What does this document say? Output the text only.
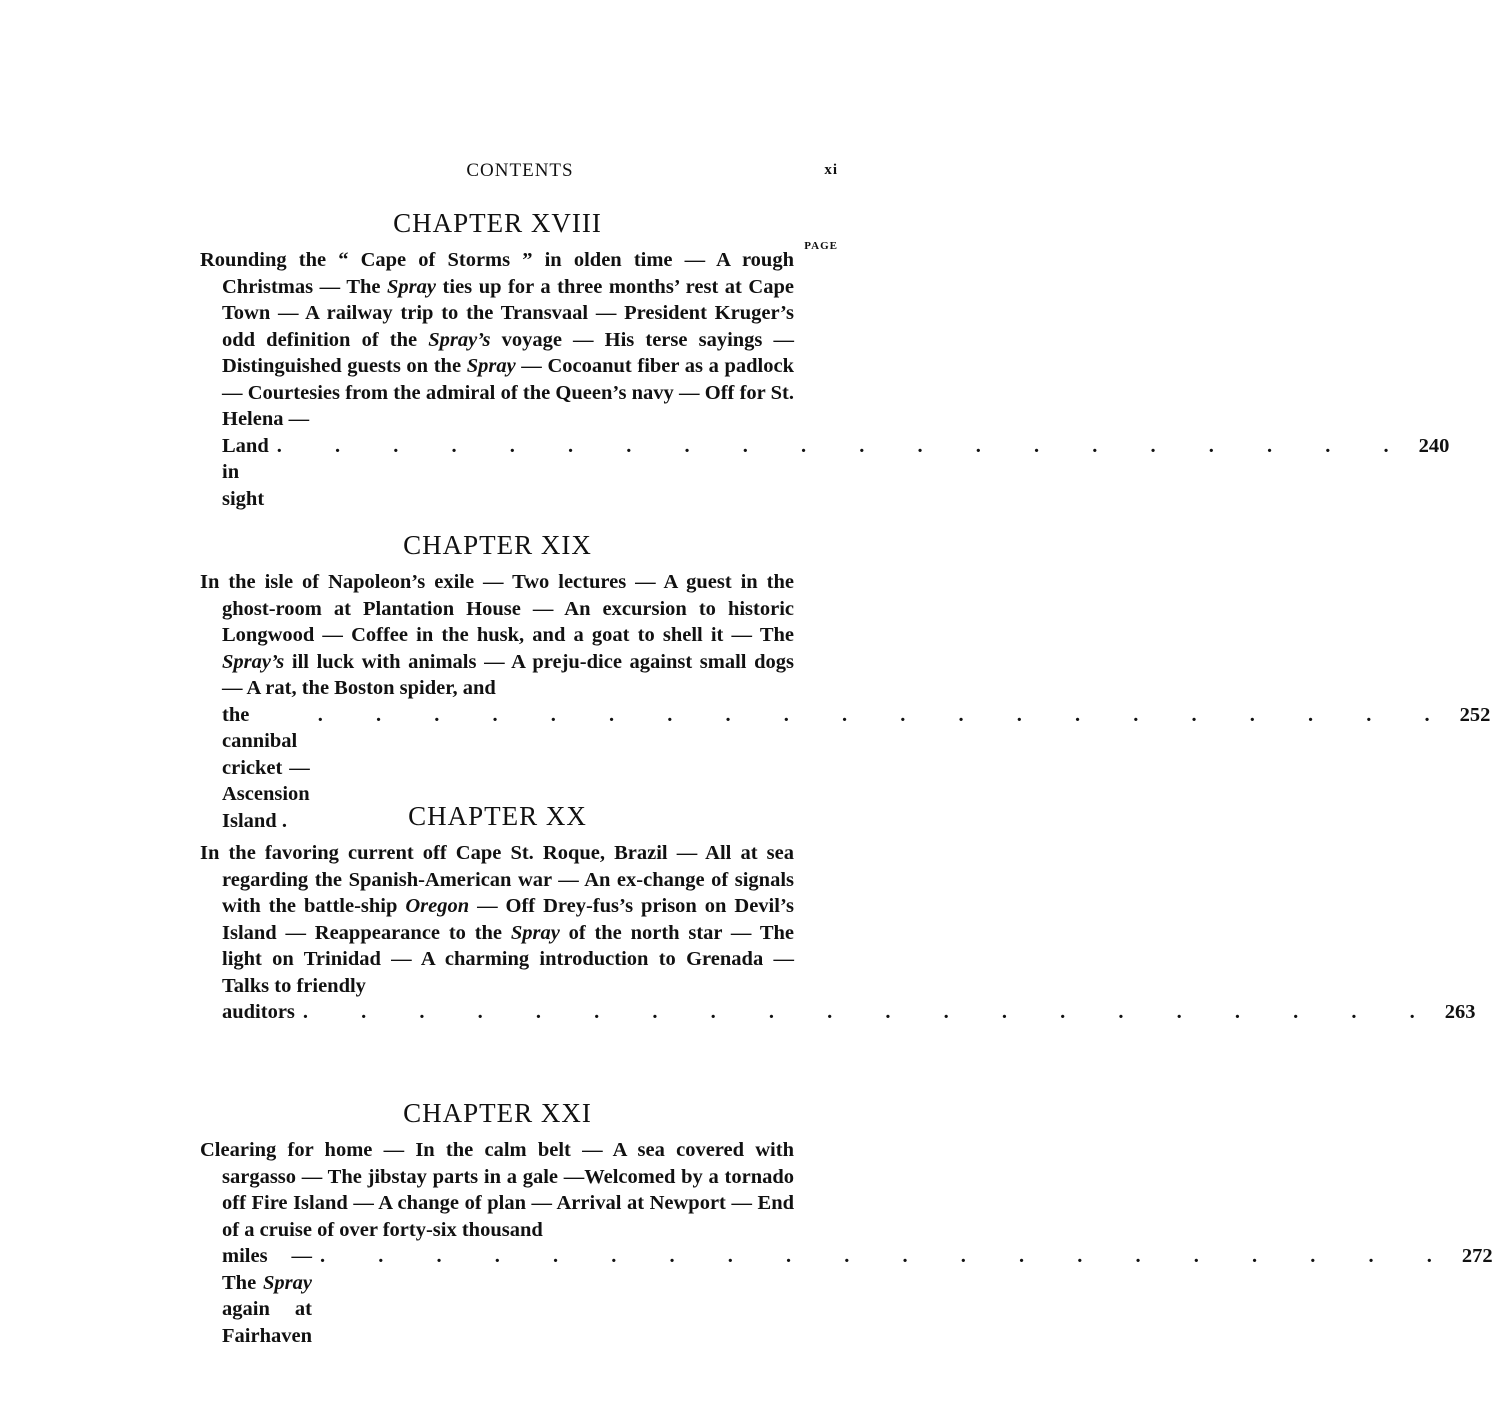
CONTENTS	xi
CHAPTER XVIII
PAGE
Rounding the “ Cape of Storms ” in olden time — A rough Christmas — The Spray ties up for a three months’ rest at Cape Town — A railway trip to the Transvaal — President Kruger’s odd definition of the Spray’s voyage — His terse sayings — Distinguished guests on the Spray — Cocoanut fiber as a padlock — Courtesies from the admiral of the Queen’s navy — Off for St. Helena —
Land in sight
. . . . . . . . . . . . . . . . . . . . 240
CHAPTER XIX
In the isle of Napoleon’s exile — Two lectures — A guest in the ghost-room at Plantation House — An excursion to historic Longwood — Coffee in the husk, and a goat to shell it — The Spray’s ill luck with animals — A preju-dice against small dogs — A rat, the Boston spider, and
the cannibal cricket — Ascension Island .
. . . . . . . . . . . . . . . . . . . . 252
CHAPTER XX
In the favoring current off Cape St. Roque, Brazil — All at sea regarding the Spanish-American war — An ex-change of signals with the battle-ship Oregon — Off Drey-fus’s prison on Devil’s Island — Reappearance to the Spray of the north star — The light on Trinidad — A charming introduction to Grenada — Talks to friendly
auditors . . . . . . . . . . . . . . . . . . . . 263
CHAPTER XXI
Clearing for home — In the calm belt — A sea covered with sargasso — The jibstay parts in a gale —Welcomed by a tornado off Fire Island — A change of plan — Arrival at Newport — End of a cruise of over forty-six thousand
miles — The Spray again at Fairhaven
. . . . . . . . . . . . . . . . . . . . 272
